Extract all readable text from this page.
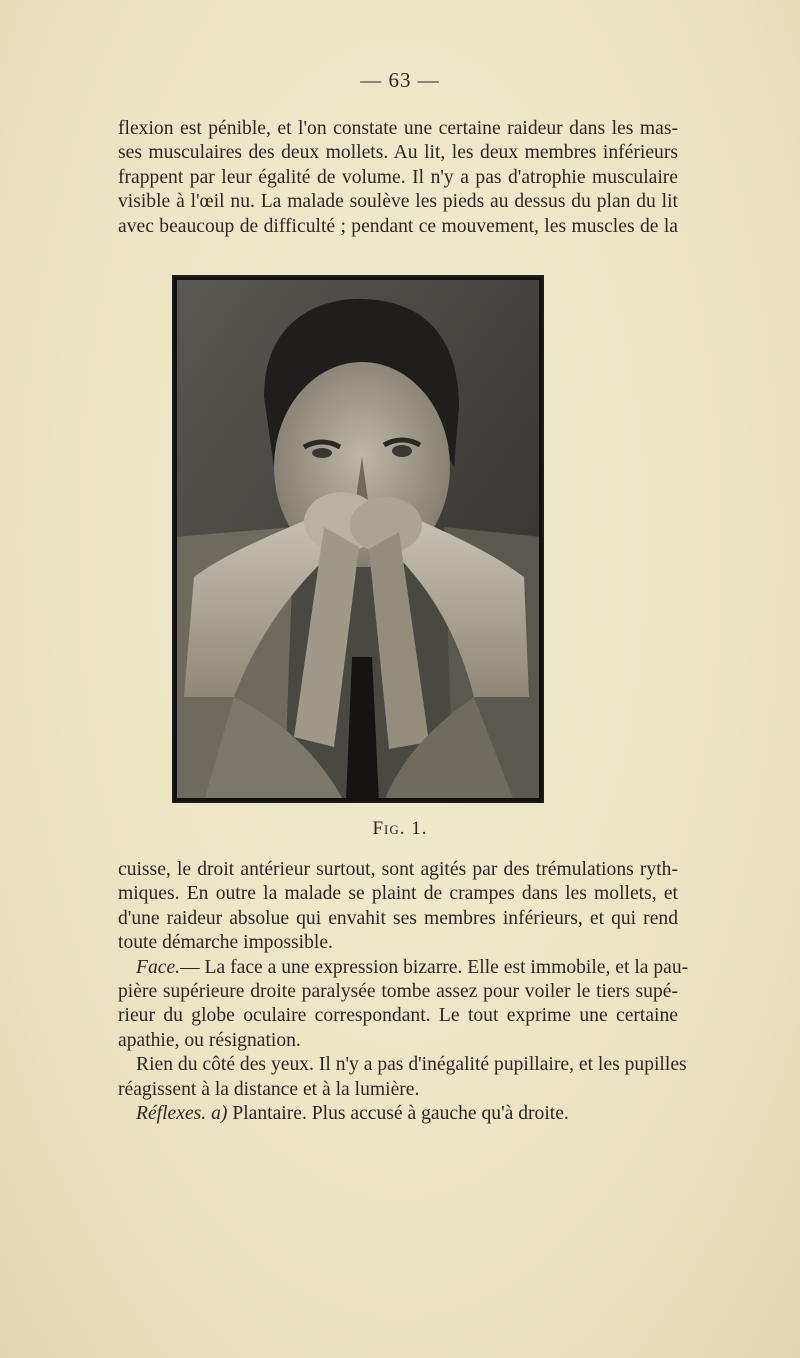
— 63 —
flexion est pénible, et l'on constate une certaine raideur dans les mas-
ses musculaires des deux mollets. Au lit, les deux membres inférieurs
frappent par leur égalité de volume. Il n'y a pas d'atrophie musculaire
visible à l'œil nu. La malade soulève les pieds au dessus du plan du lit
avec beaucoup de difficulté ; pendant ce mouvement, les muscles de la
Fig. 1.
cuisse, le droit antérieur surtout, sont agités par des trémulations ryth-
miques. En outre la malade se plaint de crampes dans les mollets, et
d'une raideur absolue qui envahit ses membres inférieurs, et qui rend
toute démarche impossible.
Face.— La face a une expression bizarre. Elle est immobile, et la pau-
pière supérieure droite paralysée tombe assez pour voiler le tiers supé-
rieur du globe oculaire correspondant. Le tout exprime une certaine
apathie, ou résignation.
Rien du côté des yeux. Il n'y a pas d'inégalité pupillaire, et les pupilles
réagissent à la distance et à la lumière.
Réflexes. a) Plantaire. Plus accusé à gauche qu'à droite.
